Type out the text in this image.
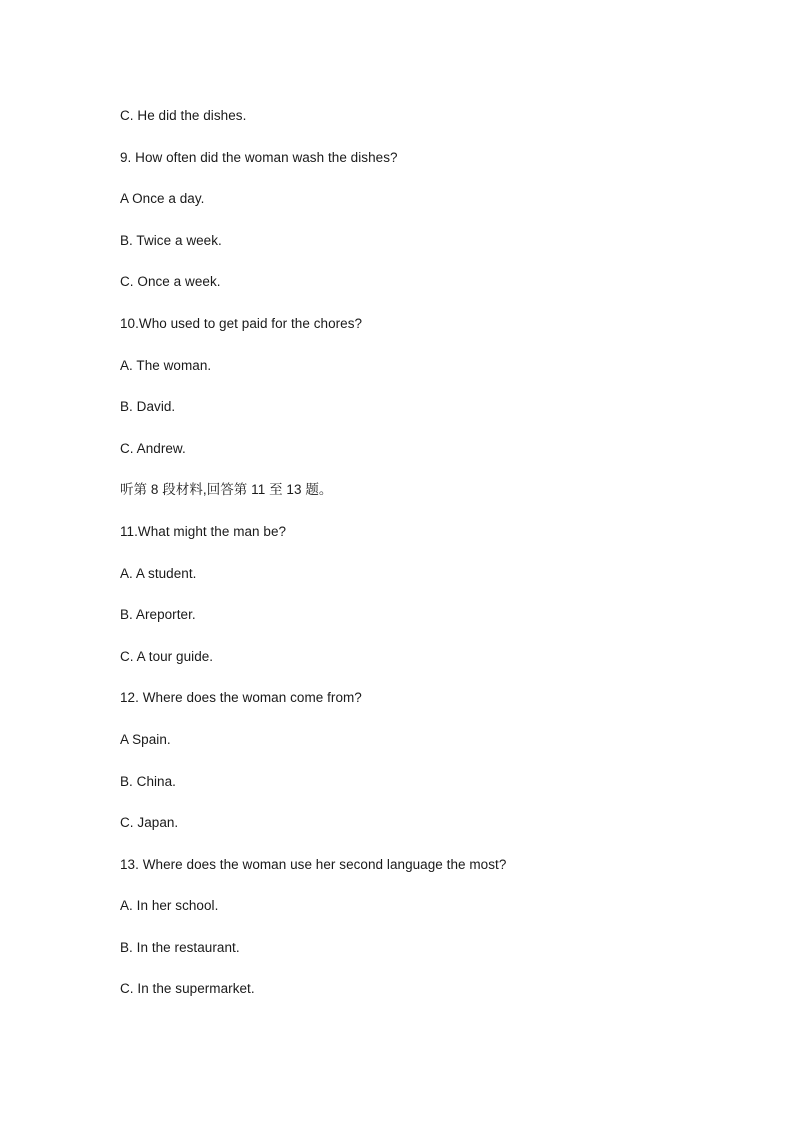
C. He did the dishes.
9. How often did the woman wash the dishes?
A Once a day.
B. Twice a week.
C. Once a week.
10.Who used to get paid for the chores?
A. The woman.
B. David.
C. Andrew.
听第 8 段材料,回答第 11 至 13 题。
11.What might the man be?
A. A student.
B. Areporter.
C. A tour guide.
12. Where does the woman come from?
A Spain.
B. China.
C. Japan.
13. Where does the woman use her second language the most?
A. In her school.
B. In the restaurant.
C. In the supermarket.
